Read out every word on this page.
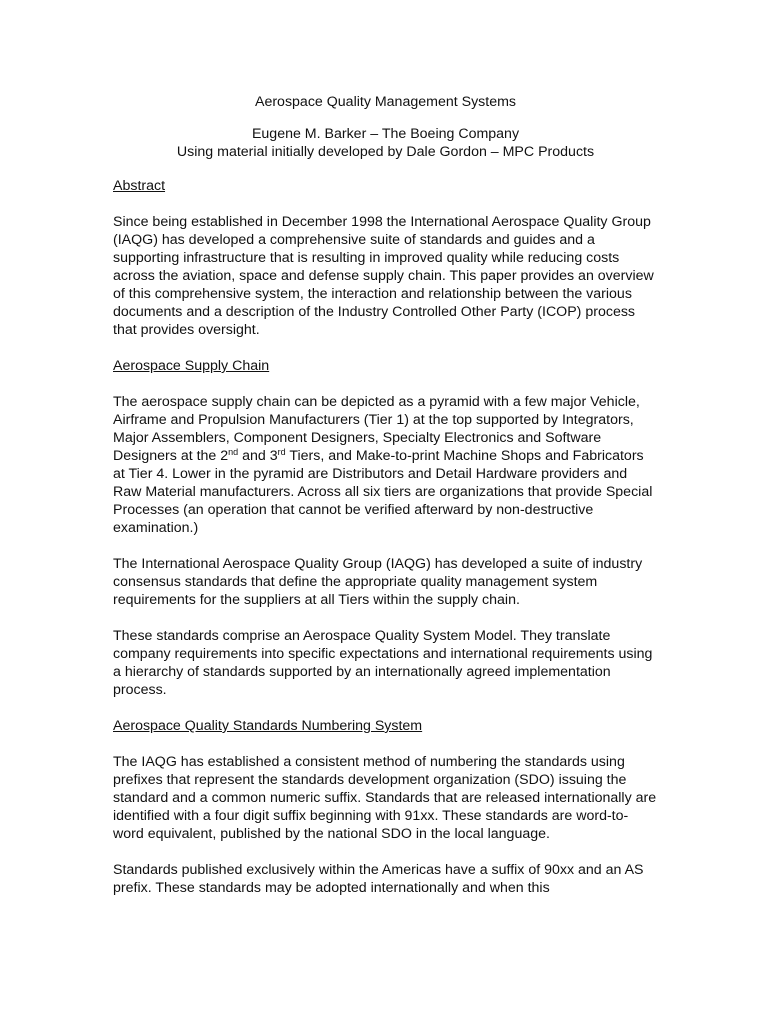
Aerospace Quality Management Systems
Eugene M. Barker – The Boeing Company
Using material initially developed by Dale Gordon – MPC Products
Abstract

Since being established in December 1998 the International Aerospace Quality Group (IAQG) has developed a comprehensive suite of standards and guides and a supporting infrastructure that is resulting in improved quality while reducing costs across the aviation, space and defense supply chain. This paper provides an overview of this comprehensive system, the interaction and relationship between the various documents and a description of the Industry Controlled Other Party (ICOP) process that provides oversight.

Aerospace Supply Chain

The aerospace supply chain can be depicted as a pyramid with a few major Vehicle, Airframe and Propulsion Manufacturers (Tier 1) at the top supported by Integrators, Major Assemblers, Component Designers, Specialty Electronics and Software Designers at the 2nd and 3rd Tiers, and Make-to-print Machine Shops and Fabricators at Tier 4. Lower in the pyramid are Distributors and Detail Hardware providers and Raw Material manufacturers. Across all six tiers are organizations that provide Special Processes (an operation that cannot be verified afterward by non-destructive examination.)

The International Aerospace Quality Group (IAQG) has developed a suite of industry consensus standards that define the appropriate quality management system requirements for the suppliers at all Tiers within the supply chain.

These standards comprise an Aerospace Quality System Model. They translate company requirements into specific expectations and international requirements using a hierarchy of standards supported by an internationally agreed implementation process.

Aerospace Quality Standards Numbering System

The IAQG has established a consistent method of numbering the standards using prefixes that represent the standards development organization (SDO) issuing the standard and a common numeric suffix. Standards that are released internationally are identified with a four digit suffix beginning with 91xx. These standards are word-to-word equivalent, published by the national SDO in the local language.

Standards published exclusively within the Americas have a suffix of 90xx and an AS prefix. These standards may be adopted internationally and when this
